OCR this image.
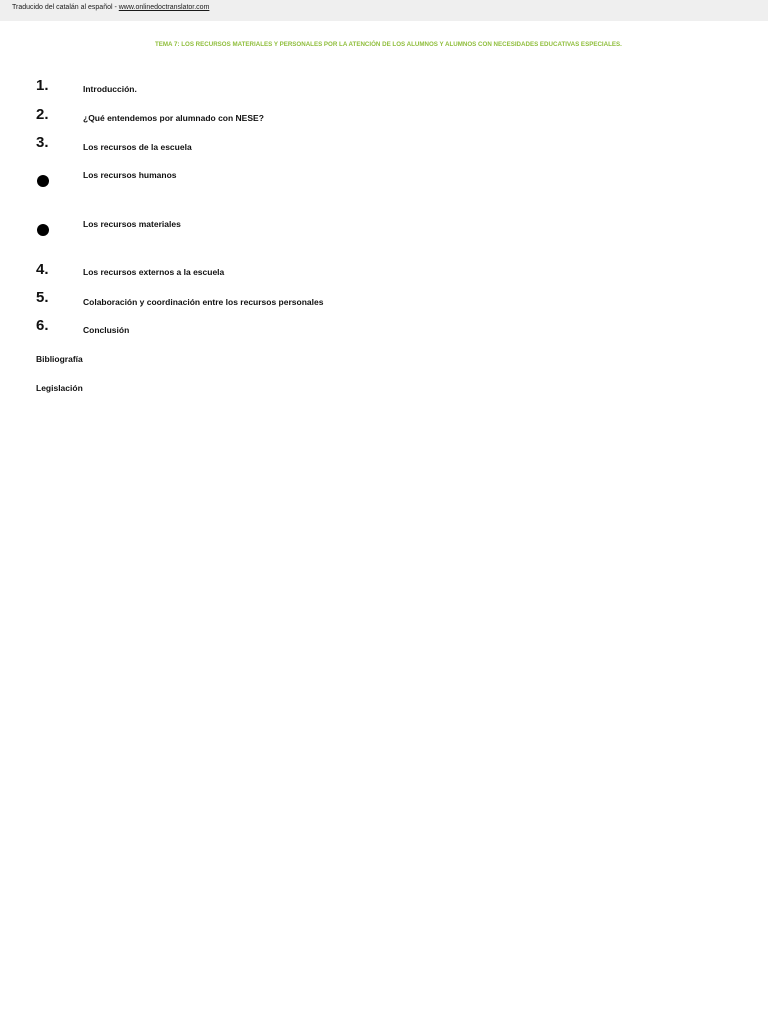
Traducido del catalán al español - www.onlinedoctranslator.com
TEMA 7: LOS RECURSOS MATERIALES Y PERSONALES POR LA ATENCIÓN DE LOS ALUMNOS Y ALUMNOS CON NECESIDADES EDUCATIVAS ESPECIALES.
1.	Introducción.
2.	¿Qué entendemos por alumnado con NESE?
3.	Los recursos de la escuela
Los recursos humanos
Los recursos materiales
4.	Los recursos externos a la escuela
5.	Colaboración y coordinación entre los recursos personales
6.	Conclusión
Bibliografía
Legislación
